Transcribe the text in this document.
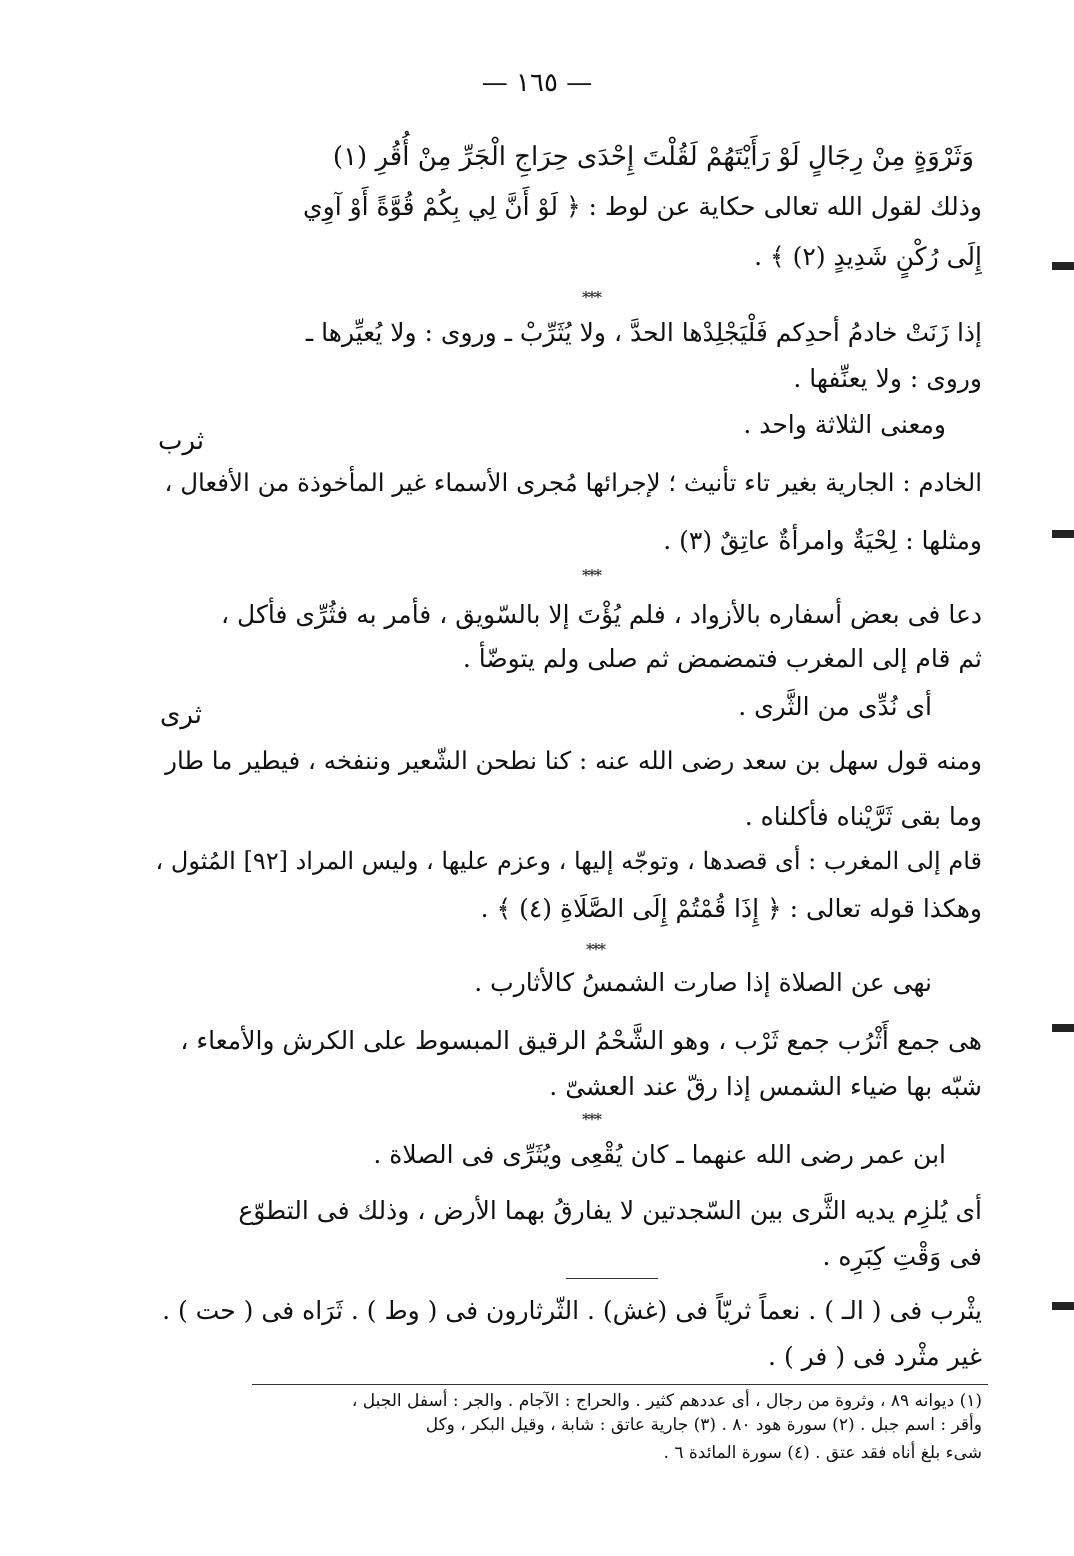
— ١٦٥ —
وَثَرْوَةٍ مِنْ رِجَالٍ لَوْ رَأَيْتَهُمْ لَقُلْتَ إِحْدَى حِرَاجِ الْجَرِّ مِنْ أُقُرِ (١)
وذلك لقول الله تعالى حكاية عن لوط : ﴿ لَوْ أَنَّ لِي بِكُمْ قُوَّةً أَوْ آوِي
إِلَى رُكْنٍ شَدِيدٍ (٢) ﴾ .
***
إذا زَنَتْ خادمُ أحدِكم فَلْيَجْلِدْها الحدَّ ، ولا يُثَرِّبْ ـ وروى : ولا يُعيِّرها ـ
وروى : ولا يعنِّفها .
ومعنى الثلاثة واحد .
ثرب
الخادم : الجارية بغير تاء تأنيث ؛ لإجرائها مُجرى الأسماء غير المأخوذة من الأفعال ،
ومثلها : لِحْيَةٌ وامرأةٌ عاتِقٌ (٣) .
***
دعا فى بعض أسفاره بالأزواد ، فلم يُؤْتَ إلا بالسّويق ، فأمر به فثُرِّى فأكل ،
ثم قام إلى المغرب فتمضمض ثم صلى ولم يتوضّأ .
أى نُدِّى من الثَّرى .
ثرى
ومنه قول سهل بن سعد رضى الله عنه : كنا نطحن الشّعير وننفخه ، فيطير ما طار
وما بقى ثَرَّيْناه فأكلناه .
قام إلى المغرب : أى قصدها ، وتوجّه إليها ، وعزم عليها ، وليس المراد [٩٢] المُثول ،
وهكذا قوله تعالى : ﴿ إِذَا قُمْتُمْ إِلَى الصَّلَاةِ (٤) ﴾ .
***
نهى عن الصلاة إذا صارت الشمسُ كالأثارب .
هى جمع أَثْرُب جمع ثَرْب ، وهو الشَّحْمُ الرقيق المبسوط على الكرش والأمعاء ،
شبّه بها ضياء الشمس إذا رقّ عند العشىّ .
***
ابن عمر رضى الله عنهما ـ كان يُقْعِى ويُثَرِّى فى الصلاة .
أى يُلزِم يديه الثَّرى بين السّجدتين لا يفارقُ بهما الأرض ، وذلك فى التطوّع
فى وَقْتِ كِبَرِه .
يثْرب فى ( الـ ) . نعماً ثريّاً فى (غش) . الثّرثارون فى ( وط ) . ثَرَاه فى ( حت ) .
غير مثْرد فى ( فر ) .
(١) ديوانه ٨٩ ، وثروة من رجال ، أى عددهم كثير . والحراج : الآجام . والجر : أسفل الجبل ،
وأقر : اسم جبل . (٢) سورة هود ٨٠ . (٣) جارية عاتق : شابة ، وقيل البكر ، وكل
شىء بلغ أناه فقد عتق . (٤) سورة المائدة ٦ .
